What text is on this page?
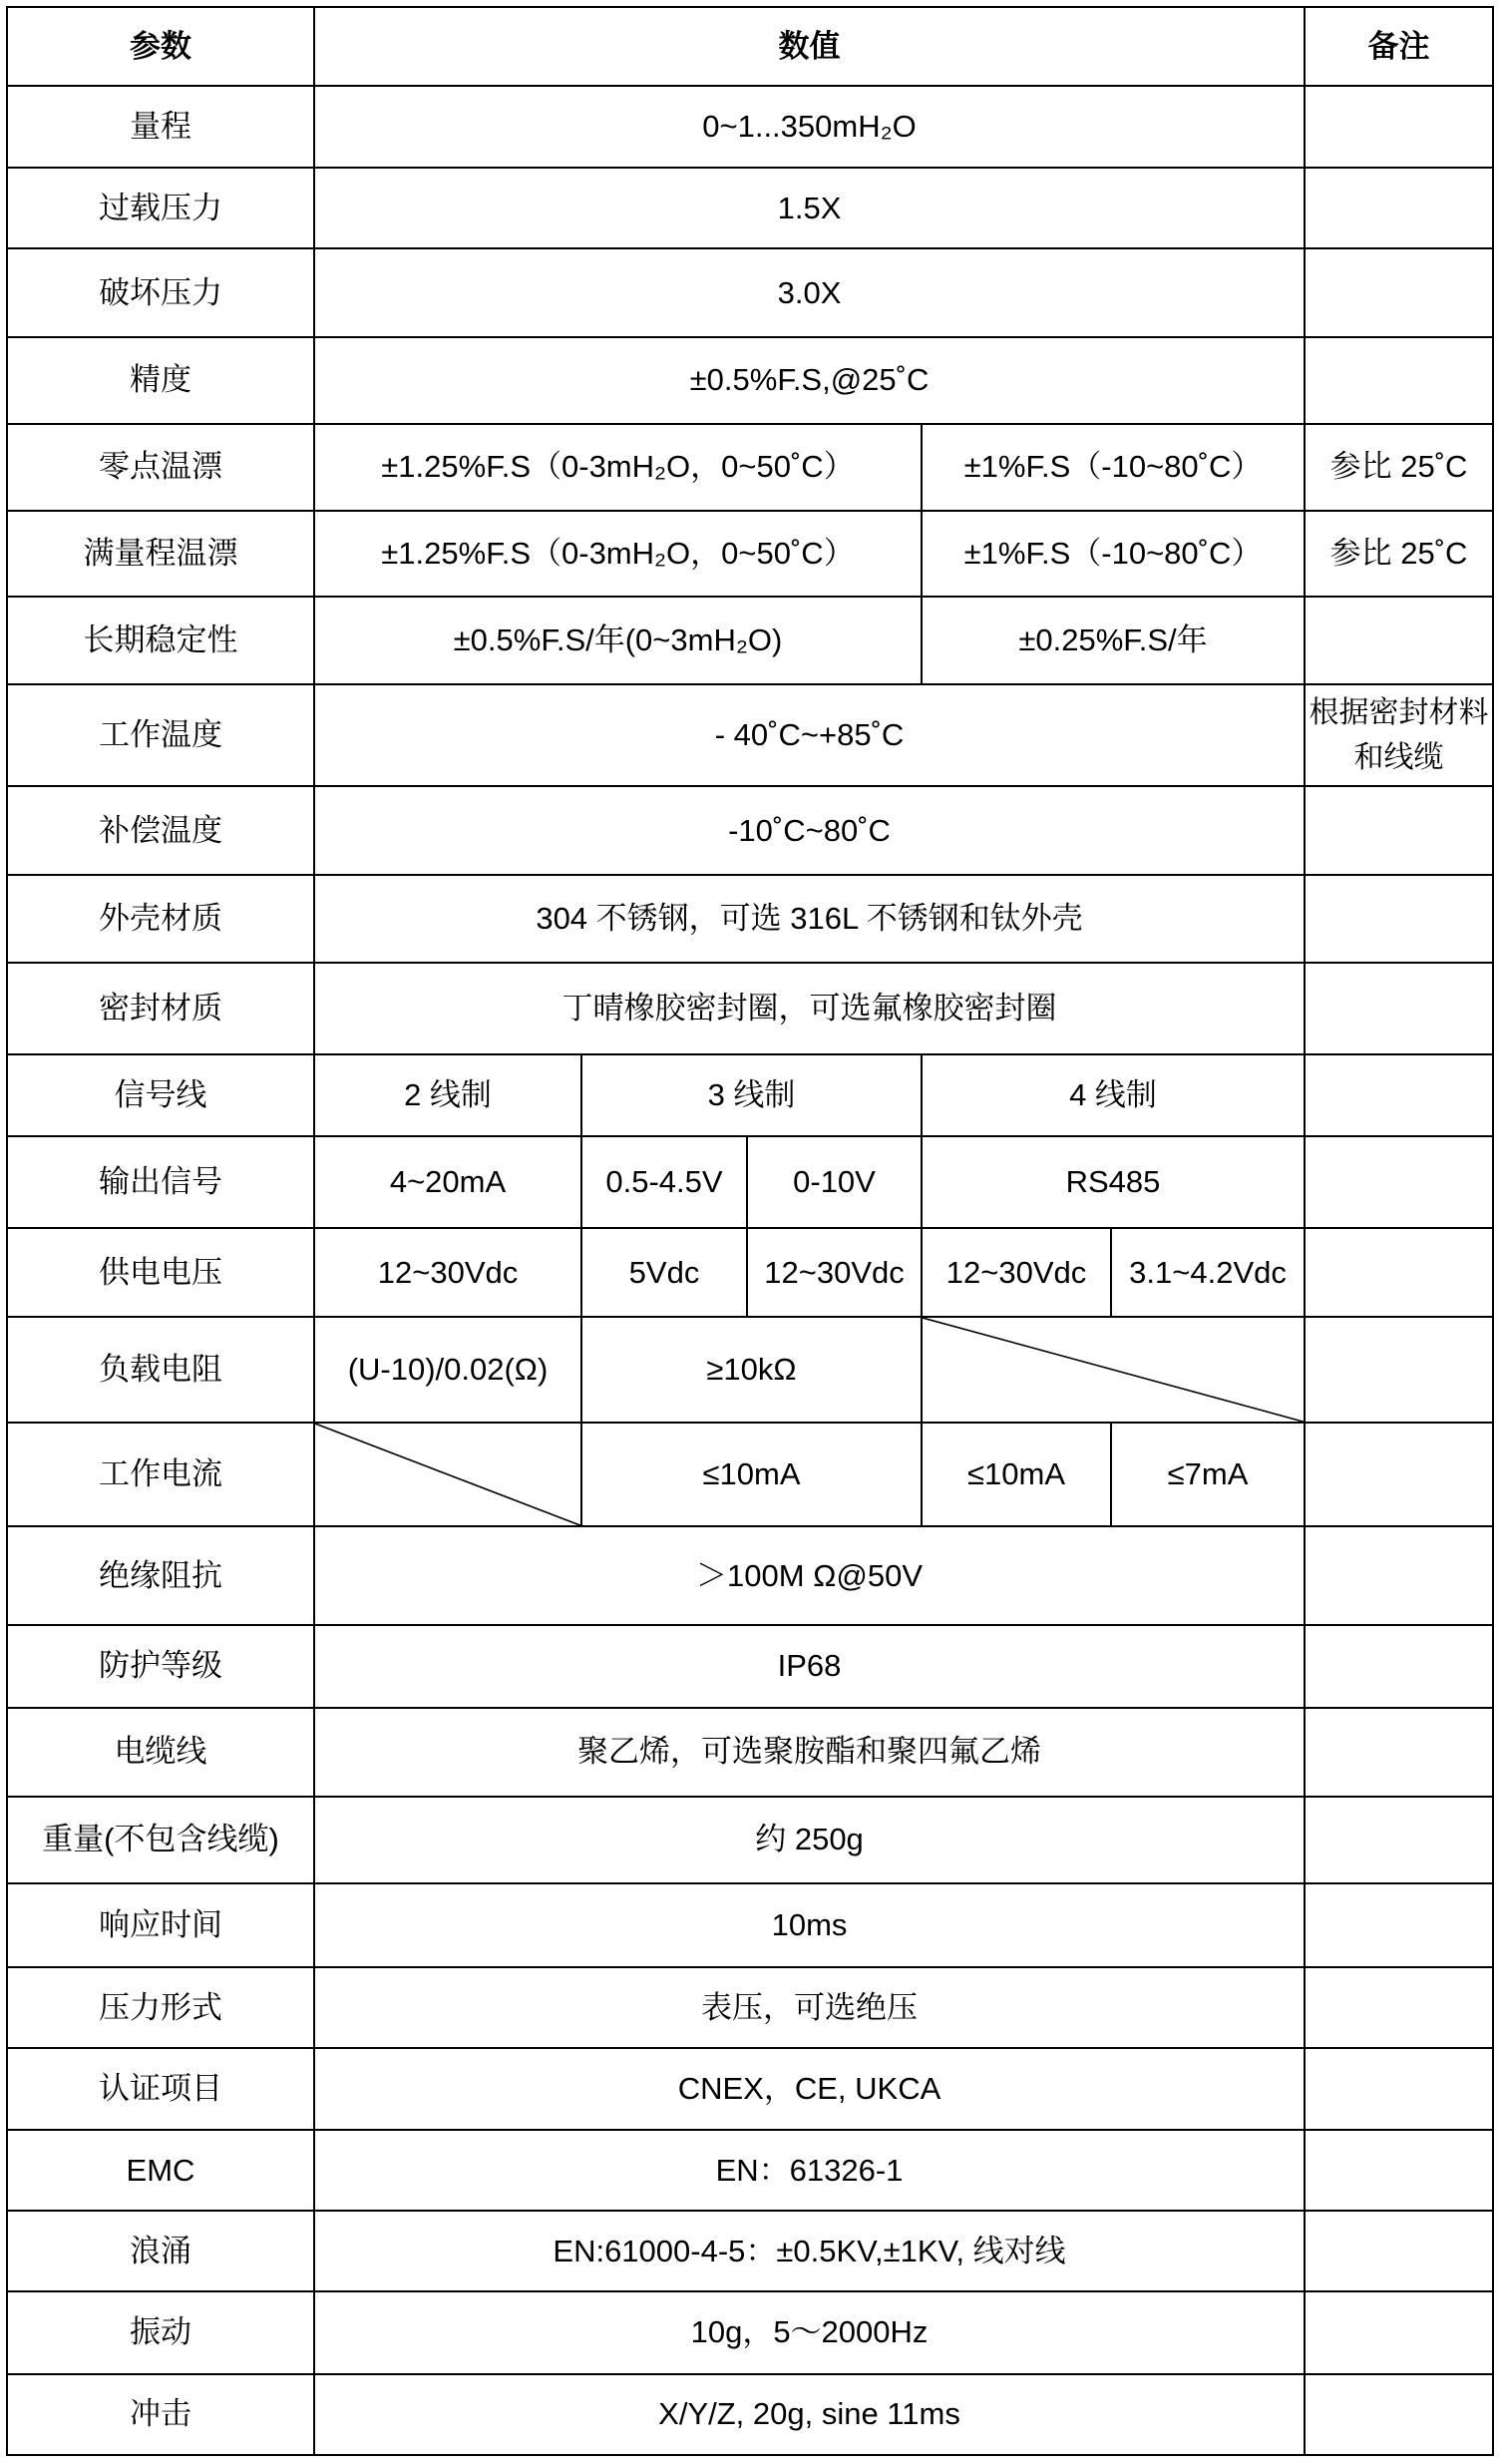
参数	数值					备注
量程	0~1...350mH₂O					
过载压力	1.5X					
破坏压力	3.0X					
精度	±0.5%F.S,@25˚C					
零点温漂	±1.25%F.S（0-3mH₂O，0~50˚C）			±1%F.S（-10~80˚C）		参比 25˚C
满量程温漂	±1.25%F.S（0-3mH₂O，0~50˚C）			±1%F.S（-10~80˚C）		参比 25˚C
长期稳定性	±0.5%F.S/年(0~3mH₂O)			±0.25%F.S/年		
工作温度	- 40˚C~+85˚C					根据密封材料和线缆
补偿温度	-10˚C~80˚C					
外壳材质	304 不锈钢，可选 316L 不锈钢和钛外壳					
密封材质	丁晴橡胶密封圈，可选氟橡胶密封圈					
信号线	2 线制	3 线制		4 线制		
输出信号	4~20mA	0.5-4.5V	0-10V	RS485		
供电电压	12~30Vdc	5Vdc	12~30Vdc	12~30Vdc	3.1~4.2Vdc	
负载电阻	(U-10)/0.02(Ω)	≥10kΩ	

工作电流		≤10mA		≤10mA	≤7mA	
绝缘阻抗	＞100M Ω@50V					
防护等级	IP68					
电缆线	聚乙烯，可选聚胺酯和聚四氟乙烯					
重量(不包含线缆)	约 250g					
响应时间	10ms					
压力形式	表压，可选绝压					
认证项目	CNEX，CE, UKCA					
EMC	EN：61326-1					
浪涌	EN:61000-4-5：±0.5KV,±1KV, 线对线					
振动	10g，5～2000Hz					
冲击	X/Y/Z, 20g, sine 11ms					
